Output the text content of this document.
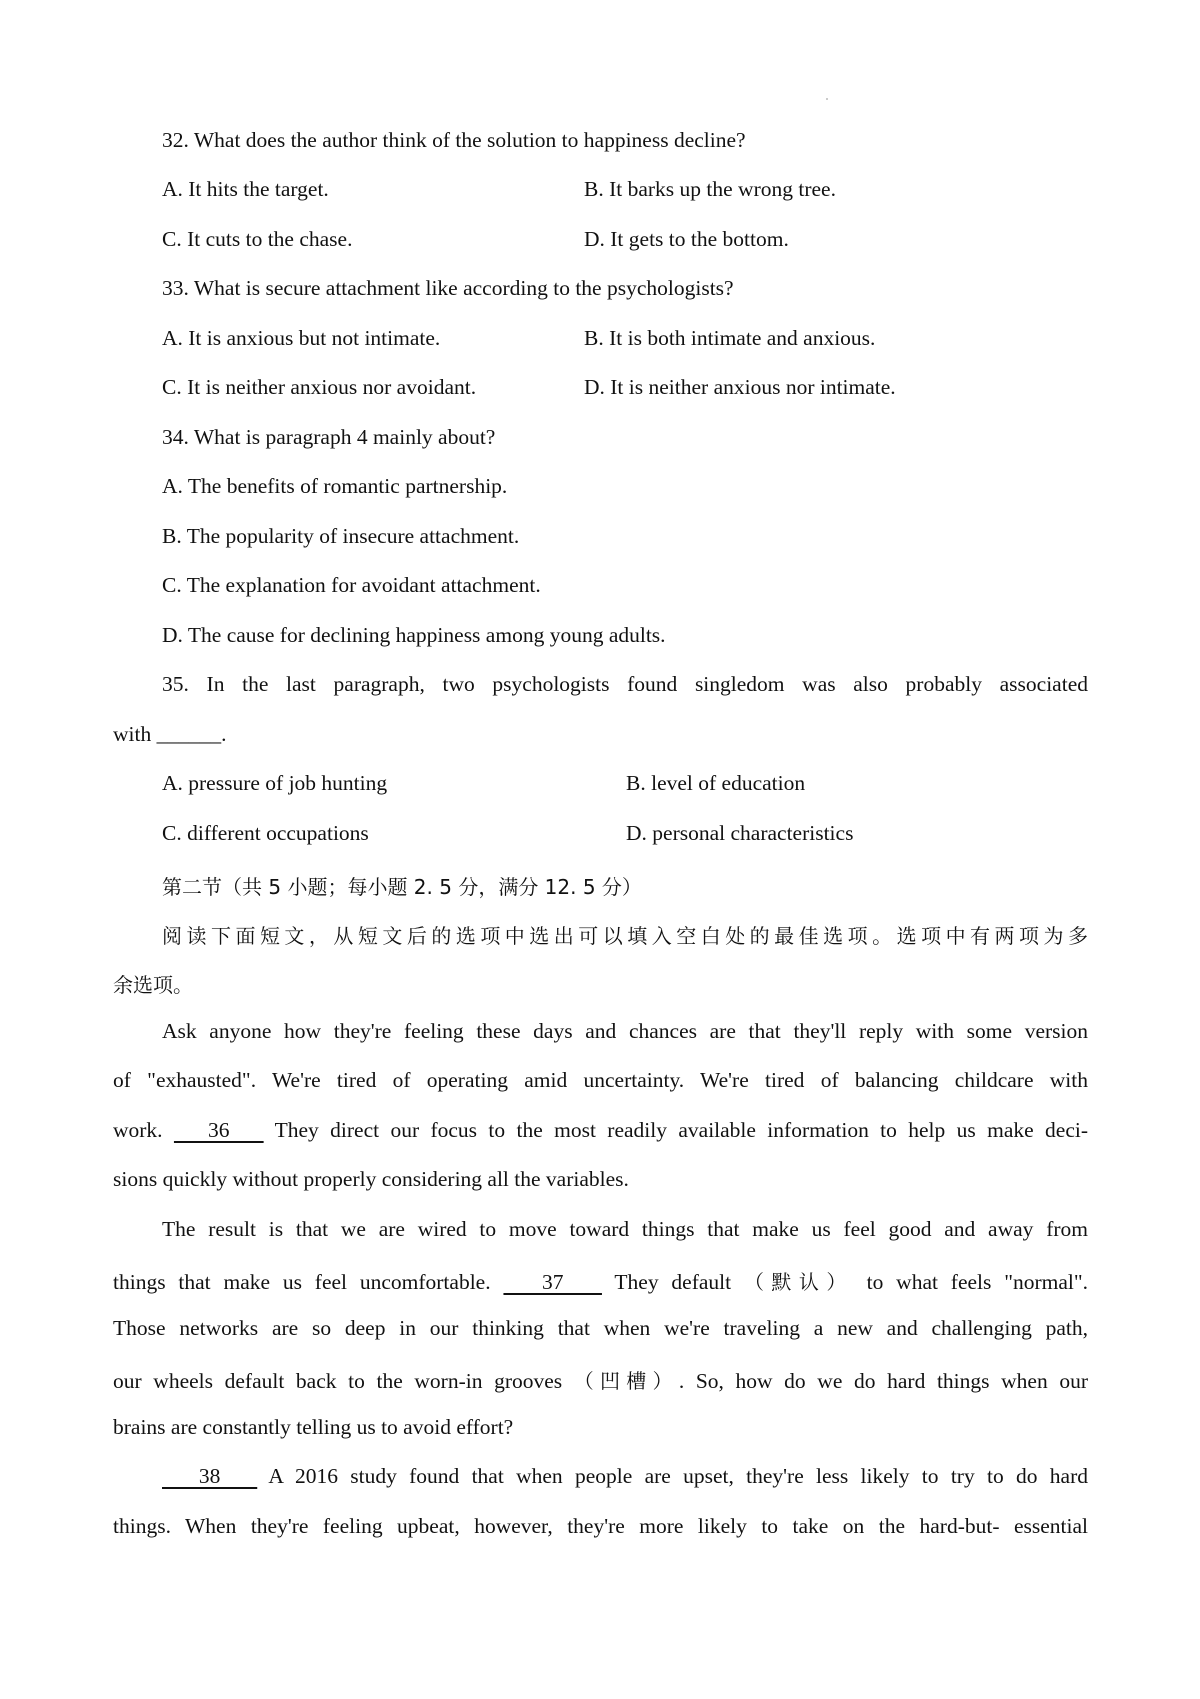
32. What does the author think of the solution to happiness decline?
A. It hits the target.	B. It barks up the wrong tree.
C. It cuts to the chase.	D. It gets to the bottom.
33. What is secure attachment like according to the psychologists?
A. It is anxious but not intimate.	B. It is both intimate and anxious.
C. It is neither anxious nor avoidant.	D. It is neither anxious nor intimate.
34. What is paragraph 4 mainly about?
A. The benefits of romantic partnership.
B. The popularity of insecure attachment.
C. The explanation for avoidant attachment.
D. The cause for declining happiness among young adults.
35. In the last paragraph, two psychologists found singledom was also probably associated
with ______.
A. pressure of job hunting	B. level of education
C. different occupations	D. personal characteristics
第二节（共 5 小题；每小题 2. 5 分，满分 12. 5 分）
阅读下面短文，从短文后的选项中选出可以填入空白处的最佳选项。选项中有两项为多
余选项。
Ask anyone how they're feeling these days and chances are that they'll reply with some version
of "exhausted". We're tired of operating amid uncertainty. We're tired of balancing childcare with
work.    36    They direct our focus to the most readily available information to help us make deci-
sions quickly without properly considering all the variables.
The result is that we are wired to move toward things that make us feel good and away from
things that make us feel uncomfortable.    37    They default （默认） to what feels "normal".
Those networks are so deep in our thinking that when we're traveling a new and challenging path,
our wheels default back to the worn-in grooves （凹槽）. So, how do we do hard things when our
brains are constantly telling us to avoid effort?
38    A 2016 study found that when people are upset, they're less likely to try to do hard
things. When they're feeling upbeat, however, they're more likely to take on the hard-but- essential
